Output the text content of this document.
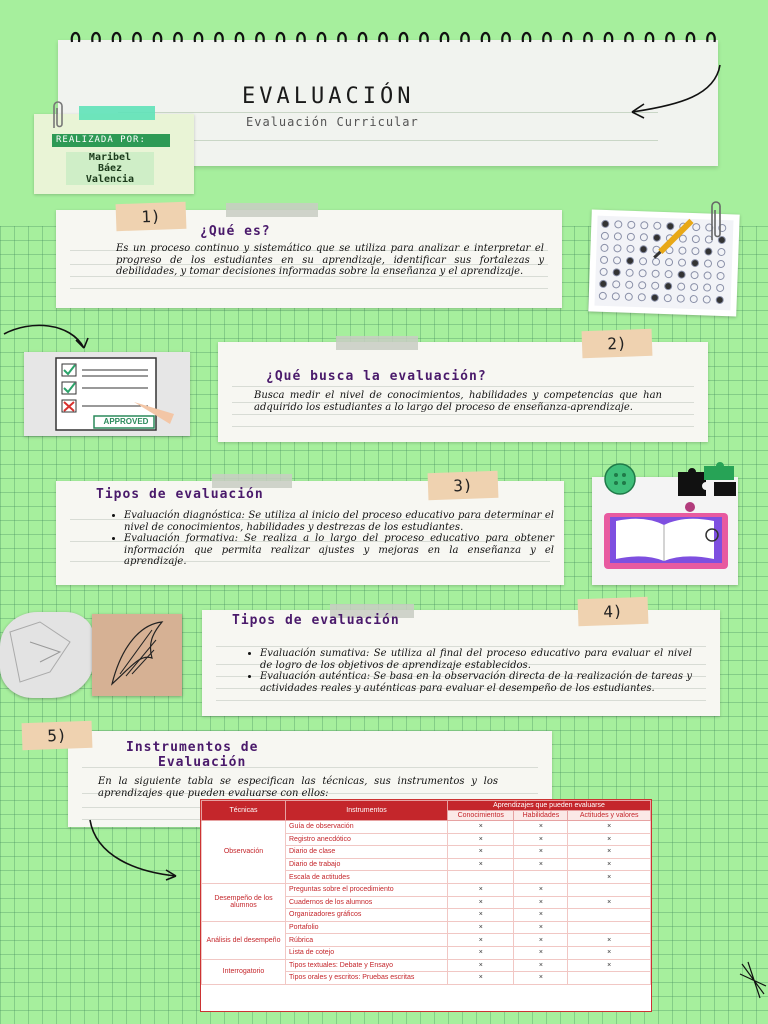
EVALUACIÓN
Evaluación Curricular
REALIZADA POR:
Maribel
Báez
Valencia
1)
¿Qué es?
Es un proceso continuo y sistemático que se utiliza para analizar e interpretar el progreso de los estudiantes en su aprendizaje, identificar sus fortalezas y debilidades, y tomar decisiones informadas sobre la enseñanza y el aprendizaje.
APPROVED
2)
¿Qué busca la evaluación?
Busca medir el nivel de conocimientos, habilidades y competencias que han adquirido los estudiantes a lo largo del proceso de enseñanza-aprendizaje.
3)
Tipos de evaluación
• Evaluación diagnóstica: Se utiliza al inicio del proceso educativo para determinar el nivel de conocimientos, habilidades y destrezas de los estudiantes.
• Evaluación formativa: Se realiza a lo largo del proceso educativo para obtener información que permita realizar ajustes y mejoras en la enseñanza y el aprendizaje.
4)
Tipos de evaluación
• Evaluación sumativa: Se utiliza al final del proceso educativo para evaluar el nivel de logro de los objetivos de aprendizaje establecidos.
• Evaluación auténtica: Se basa en la observación directa de la realización de tareas y actividades reales y auténticas para evaluar el desempeño de los estudiantes.
5)
Instrumentos de
Evaluación
En la siguiente tabla se especifican las técnicas, sus instrumentos y los aprendizajes que pueden evaluarse con ellos:
Técnicas	Instrumentos	Aprendizajes que pueden evaluarse		
		Conocimientos	Habilidades	Actitudes y valores
Observación	Guía de observación	×	×	×
	Registro anecdótico	×	×	×
	Diario de clase	×	×	×
	Diario de trabajo	×	×	×
	Escala de actitudes			×
Desempeño de los alumnos	Preguntas sobre el procedimiento	×	×	
	Cuadernos de los alumnos	×	×	×
	Organizadores gráficos	×	×	
Análisis del desempeño	Portafolio	×	×	
	Rúbrica	×	×	×
	Lista de cotejo	×	×	×
Interrogatorio	Tipos textuales: Debate y Ensayo	×	×	×
	Tipos orales y escritos: Pruebas escritas	×	×	
